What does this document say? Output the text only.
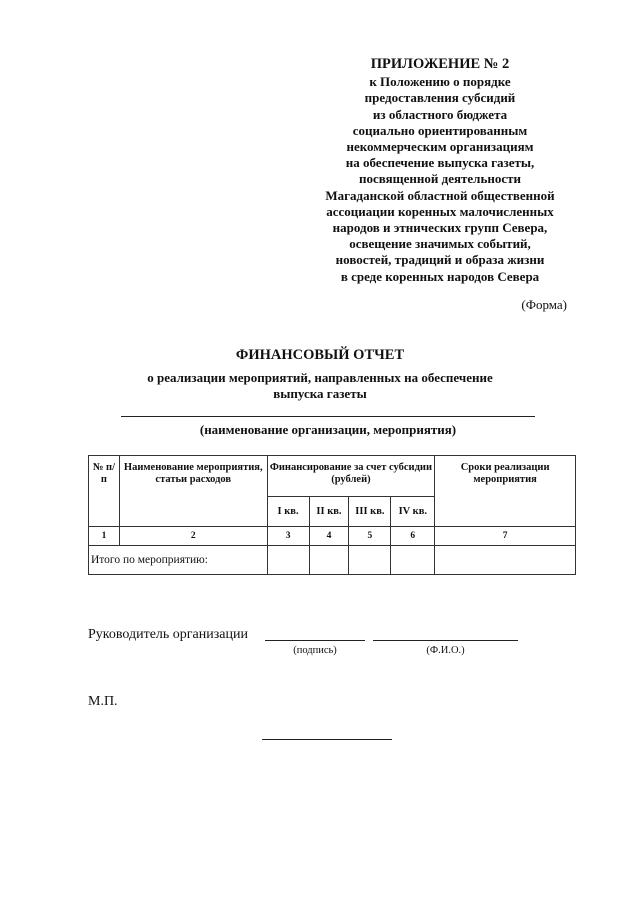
ПРИЛОЖЕНИЕ № 2
к Положению о порядке
предоставления субсидий
из областного бюджета
социально ориентированным
некоммерческим организациям
на обеспечение выпуска газеты,
посвященной деятельности
Магаданской областной общественной
ассоциации коренных малочисленных
народов и этнических групп Севера,
освещение значимых событий,
новостей, традиций и образа жизни
в среде коренных народов Севера
(Форма)
ФИНАНСОВЫЙ ОТЧЕТ
о реализации мероприятий, направленных на обеспечение
выпуска газеты
(наименование организации, мероприятия)
№ п/п	Наименование мероприятия, статьи расходов	Финансирование за счет субсидии (рублей)				Сроки реализации мероприятия
		I кв.	II кв.	III кв.	IV кв.	
1	2	3	4	5	6	7
Итого по мероприятию:						
Руководитель организации
(подпись)	(Ф.И.О.)
М.П.
